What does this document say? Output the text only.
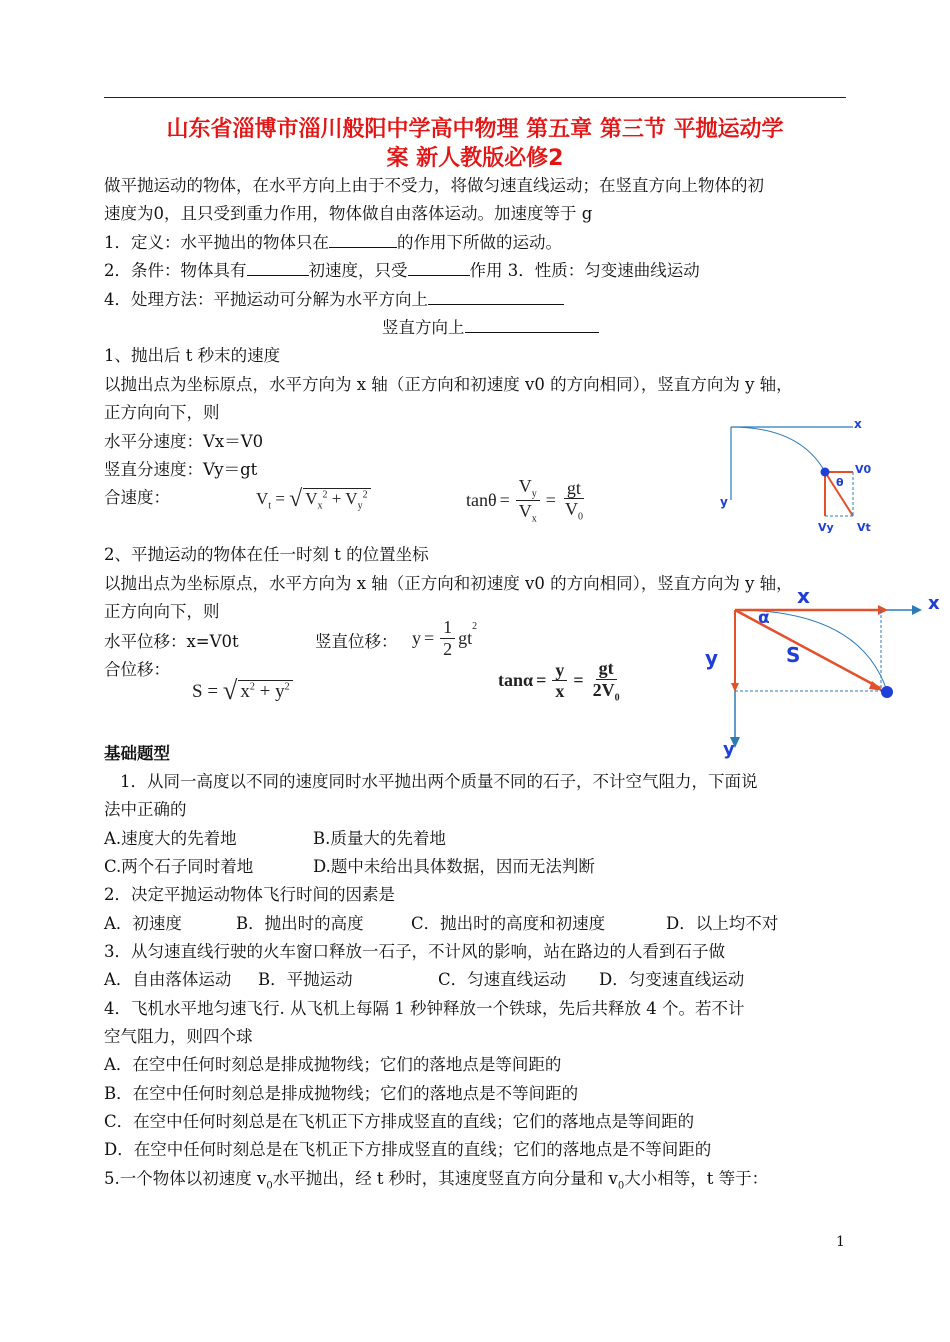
山东省淄博市淄川般阳中学高中物理 第五章 第三节 平抛运动学
案 新人教版必修2
做平抛运动的物体，在水平方向上由于不受力，将做匀速直线运动；在竖直方向上物体的初
速度为0，且只受到重力作用，物体做自由落体运动。加速度等于 g
1．定义：水平抛出的物体只在	的作用下所做的运动。
2．条件：物体具有	初速度，只受	作用 3．性质：匀变速曲线运动
4．处理方法：平抛运动可分解为水平方向上
竖直方向上
1、抛出后 t 秒末的速度
以抛出点为坐标原点，水平方向为 x 轴（正方向和初速度 v0 的方向相同），竖直方向为 y 轴，
正方向向下，则
水平分速度：Vx＝V0
竖直分速度：Vy＝gt
合速度：	$V_t$ = √ $V_x^2 + V_y^2$	$\tan\theta = \frac{V_y}{V_x} = \frac{gt}{V_0}$
x
y
V0
θ
Vy Vt
2、平抛运动的物体在任一时刻 t 的位置坐标
以抛出点为坐标原点，水平方向为 x 轴（正方向和初速度 v0 的方向相同），竖直方向为 y 轴，
正方向向下，则
水平位移：x=V0t	竖直位移：
合位移：
$y = \frac{1}{2}$ gt
$^2$
S = √ $x^2 + y^2$	$\tan\alpha = \frac{y}{x} = \frac{gt}{2V_0}$
x	x
α
y	S
y
基础题型
1．从同一高度以不同的速度同时水平抛出两个质量不同的石子，不计空气阻力，下面说
法中正确的
A.速度大的先着地	B.质量大的先着地
C.两个石子同时着地	D.题中未给出具体数据，因而无法判断
2．决定平抛运动物体飞行时间的因素是
A．初速度	B．抛出时的高度	C．抛出时的高度和初速度	D．以上均不对
3．从匀速直线行驶的火车窗口释放一石子，不计风的影响，站在路边的人看到石子做
A．自由落体运动 B．平抛运动	C．匀速直线运动 D．匀变速直线运动
4．飞机水平地匀速飞行. 从飞机上每隔 1 秒钟释放一个铁球，先后共释放 4 个。若不计
空气阻力，则四个球
A．在空中任何时刻总是排成抛物线；它们的落地点是等间距的
B．在空中任何时刻总是排成抛物线；它们的落地点是不等间距的
C．在空中任何时刻总是在飞机正下方排成竖直的直线；它们的落地点是等间距的
D．在空中任何时刻总是在飞机正下方排成竖直的直线；它们的落地点是不等间距的
5.一个物体以初速度 $v_0$水平抛出，经 t 秒时，其速度竖直方向分量和 $v_0$大小相等，t 等于：
1
